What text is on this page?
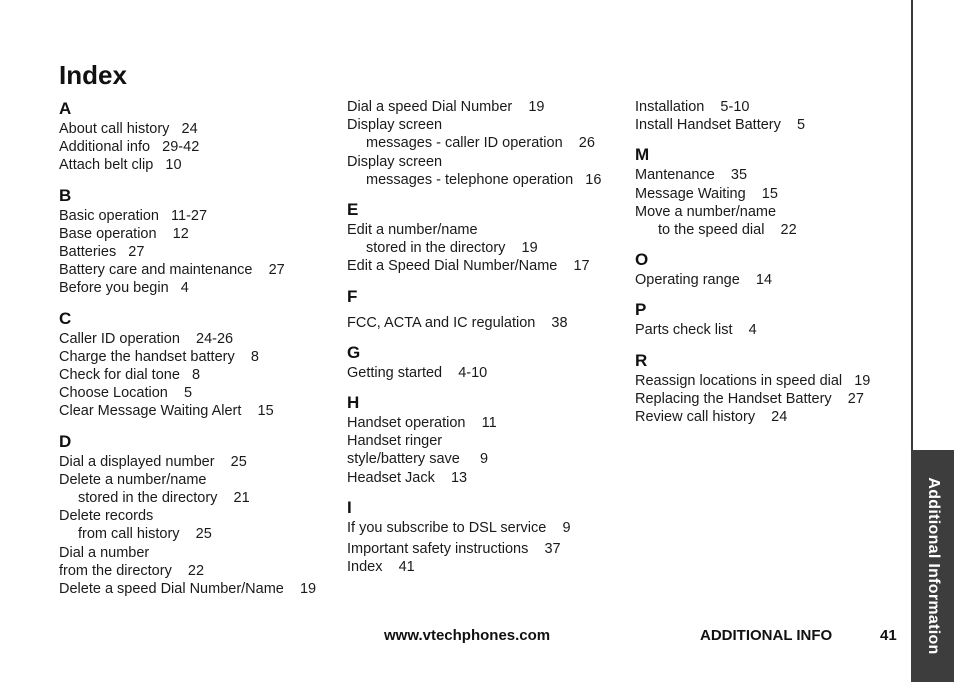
Index
A
About call history   24
Additional info   29-42
Attach belt clip   10
B
Basic operation   11-27
Base operation    12
Batteries   27
Battery care and maintenance    27
Before you begin   4
C
Caller ID operation    24-26
Charge the handset battery    8
Check for dial tone   8
Choose Location    5
Clear Message Waiting Alert    15
D
Dial a displayed number    25
Delete a number/name
stored in the directory    21
Delete records
from call history    25
Dial a number
from the directory    22
Delete a speed Dial Number/Name    19
Dial a speed Dial Number    19
Display screen
messages - caller ID operation    26
Display screen
messages - telephone operation   16
E
Edit a number/name
stored in the directory    19
Edit a Speed Dial Number/Name    17
F
FCC, ACTA and IC regulation    38
G
Getting started    4-10
H
Handset operation    11
Handset ringer
style/battery save     9
Headset Jack    13
I
If you subscribe to DSL service    9
Important safety instructions    37
Index    41
Installation    5-10
Install Handset Battery    5
M
Mantenance    35
Message Waiting    15
Move a number/name
to the speed dial    22
O
Operating range    14
P
Parts check list    4
R
Reassign locations in speed dial   19
Replacing the Handset Battery    27
Review call history    24
www.vtechphones.com	ADDITIONAL INFO	41 Additional Information
